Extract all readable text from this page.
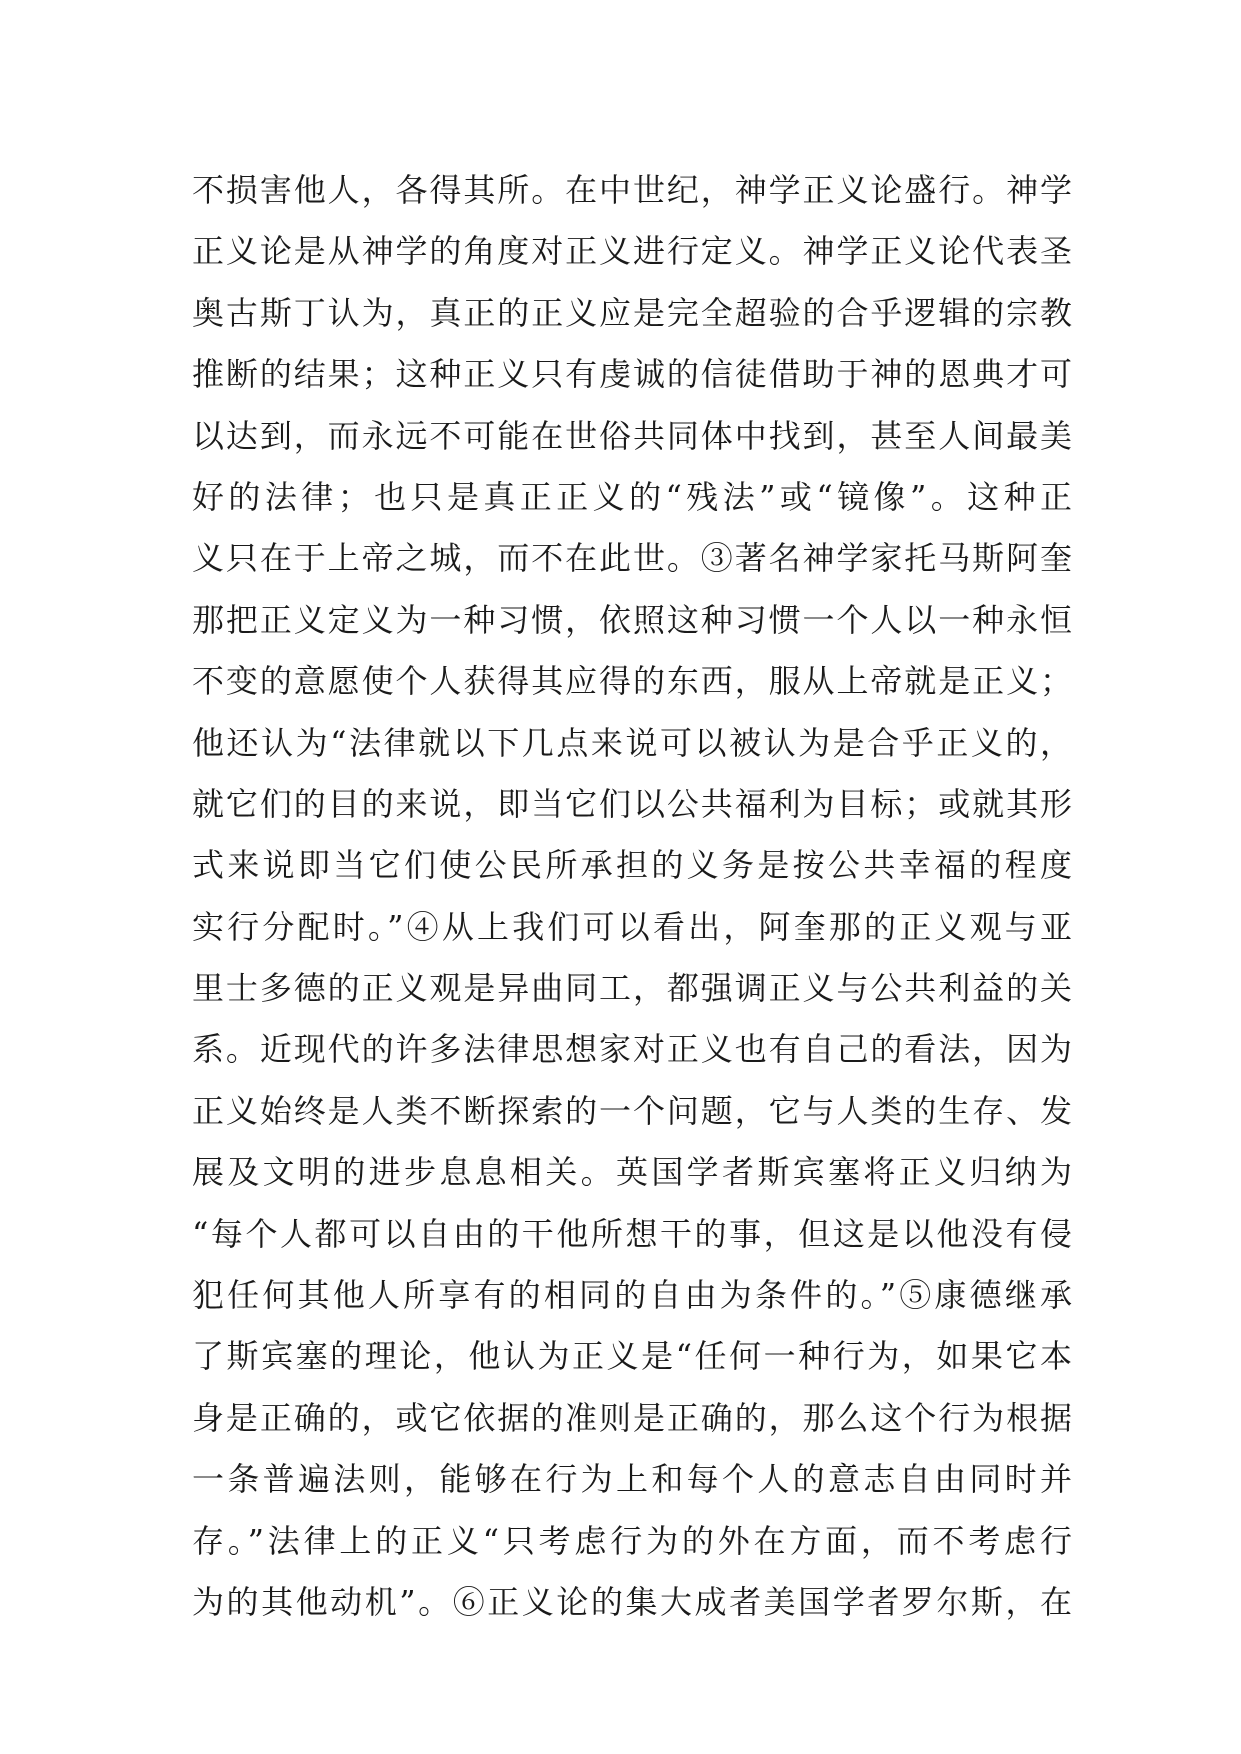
不损害他人，各得其所。在中世纪，神学正义论盛行。神学
正义论是从神学的角度对正义进行定义。神学正义论代表圣
奥古斯丁认为，真正的正义应是完全超验的合乎逻辑的宗教
推断的结果；这种正义只有虔诚的信徒借助于神的恩典才可
以达到，而永远不可能在世俗共同体中找到，甚至人间最美
好的法律；也只是真正正义的“残法”或“镜像”。这种正
义只在于上帝之城，而不在此世。③著名神学家托马斯阿奎
那把正义定义为一种习惯，依照这种习惯一个人以一种永恒
不变的意愿使个人获得其应得的东西，服从上帝就是正义；
他还认为“法律就以下几点来说可以被认为是合乎正义的，
就它们的目的来说，即当它们以公共福利为目标；或就其形
式来说即当它们使公民所承担的义务是按公共幸福的程度
实行分配时。”④从上我们可以看出，阿奎那的正义观与亚
里士多德的正义观是异曲同工，都强调正义与公共利益的关
系。近现代的许多法律思想家对正义也有自己的看法，因为
正义始终是人类不断探索的一个问题，它与人类的生存、发
展及文明的进步息息相关。英国学者斯宾塞将正义归纳为
“每个人都可以自由的干他所想干的事，但这是以他没有侵
犯任何其他人所享有的相同的自由为条件的。”⑤康德继承
了斯宾塞的理论，他认为正义是“任何一种行为，如果它本
身是正确的，或它依据的准则是正确的，那么这个行为根据
一条普遍法则，能够在行为上和每个人的意志自由同时并
存。”法律上的正义“只考虑行为的外在方面，而不考虑行
为的其他动机”。⑥正义论的集大成者美国学者罗尔斯，在
